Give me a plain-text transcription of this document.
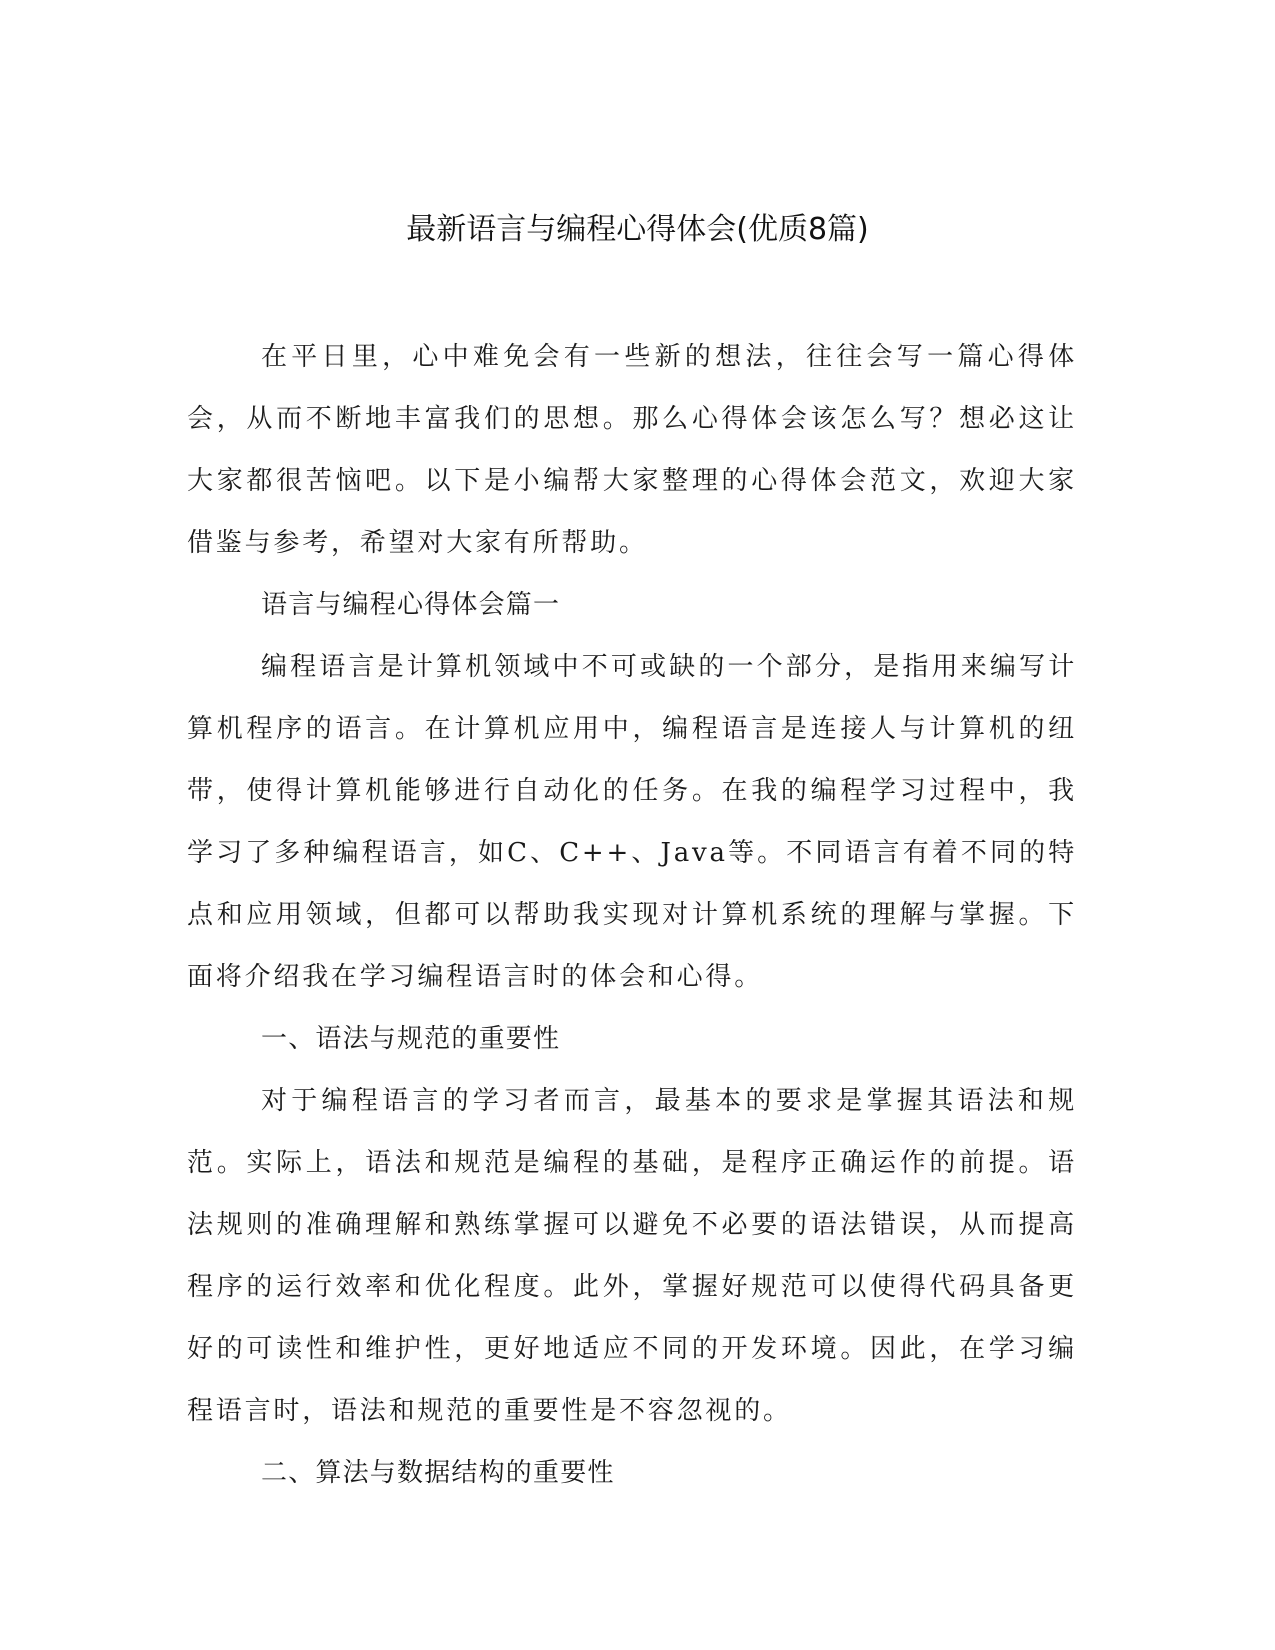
最新语言与编程心得体会(优质8篇)

在平日里，心中难免会有一些新的想法，往往会写一篇心得体会，从而不断地丰富我们的思想。那么心得体会该怎么写？想必这让大家都很苦恼吧。以下是小编帮大家整理的心得体会范文，欢迎大家借鉴与参考，希望对大家有所帮助。

语言与编程心得体会篇一

编程语言是计算机领域中不可或缺的一个部分，是指用来编写计算机程序的语言。在计算机应用中，编程语言是连接人与计算机的纽带，使得计算机能够进行自动化的任务。在我的编程学习过程中，我学习了多种编程语言，如C、C++、Java等。不同语言有着不同的特点和应用领域，但都可以帮助我实现对计算机系统的理解与掌握。下面将介绍我在学习编程语言时的体会和心得。

一、语法与规范的重要性

对于编程语言的学习者而言，最基本的要求是掌握其语法和规范。实际上，语法和规范是编程的基础，是程序正确运作的前提。语法规则的准确理解和熟练掌握可以避免不必要的语法错误，从而提高程序的运行效率和优化程度。此外，掌握好规范可以使得代码具备更好的可读性和维护性，更好地适应不同的开发环境。因此，在学习编程语言时，语法和规范的重要性是不容忽视的。

二、算法与数据结构的重要性
